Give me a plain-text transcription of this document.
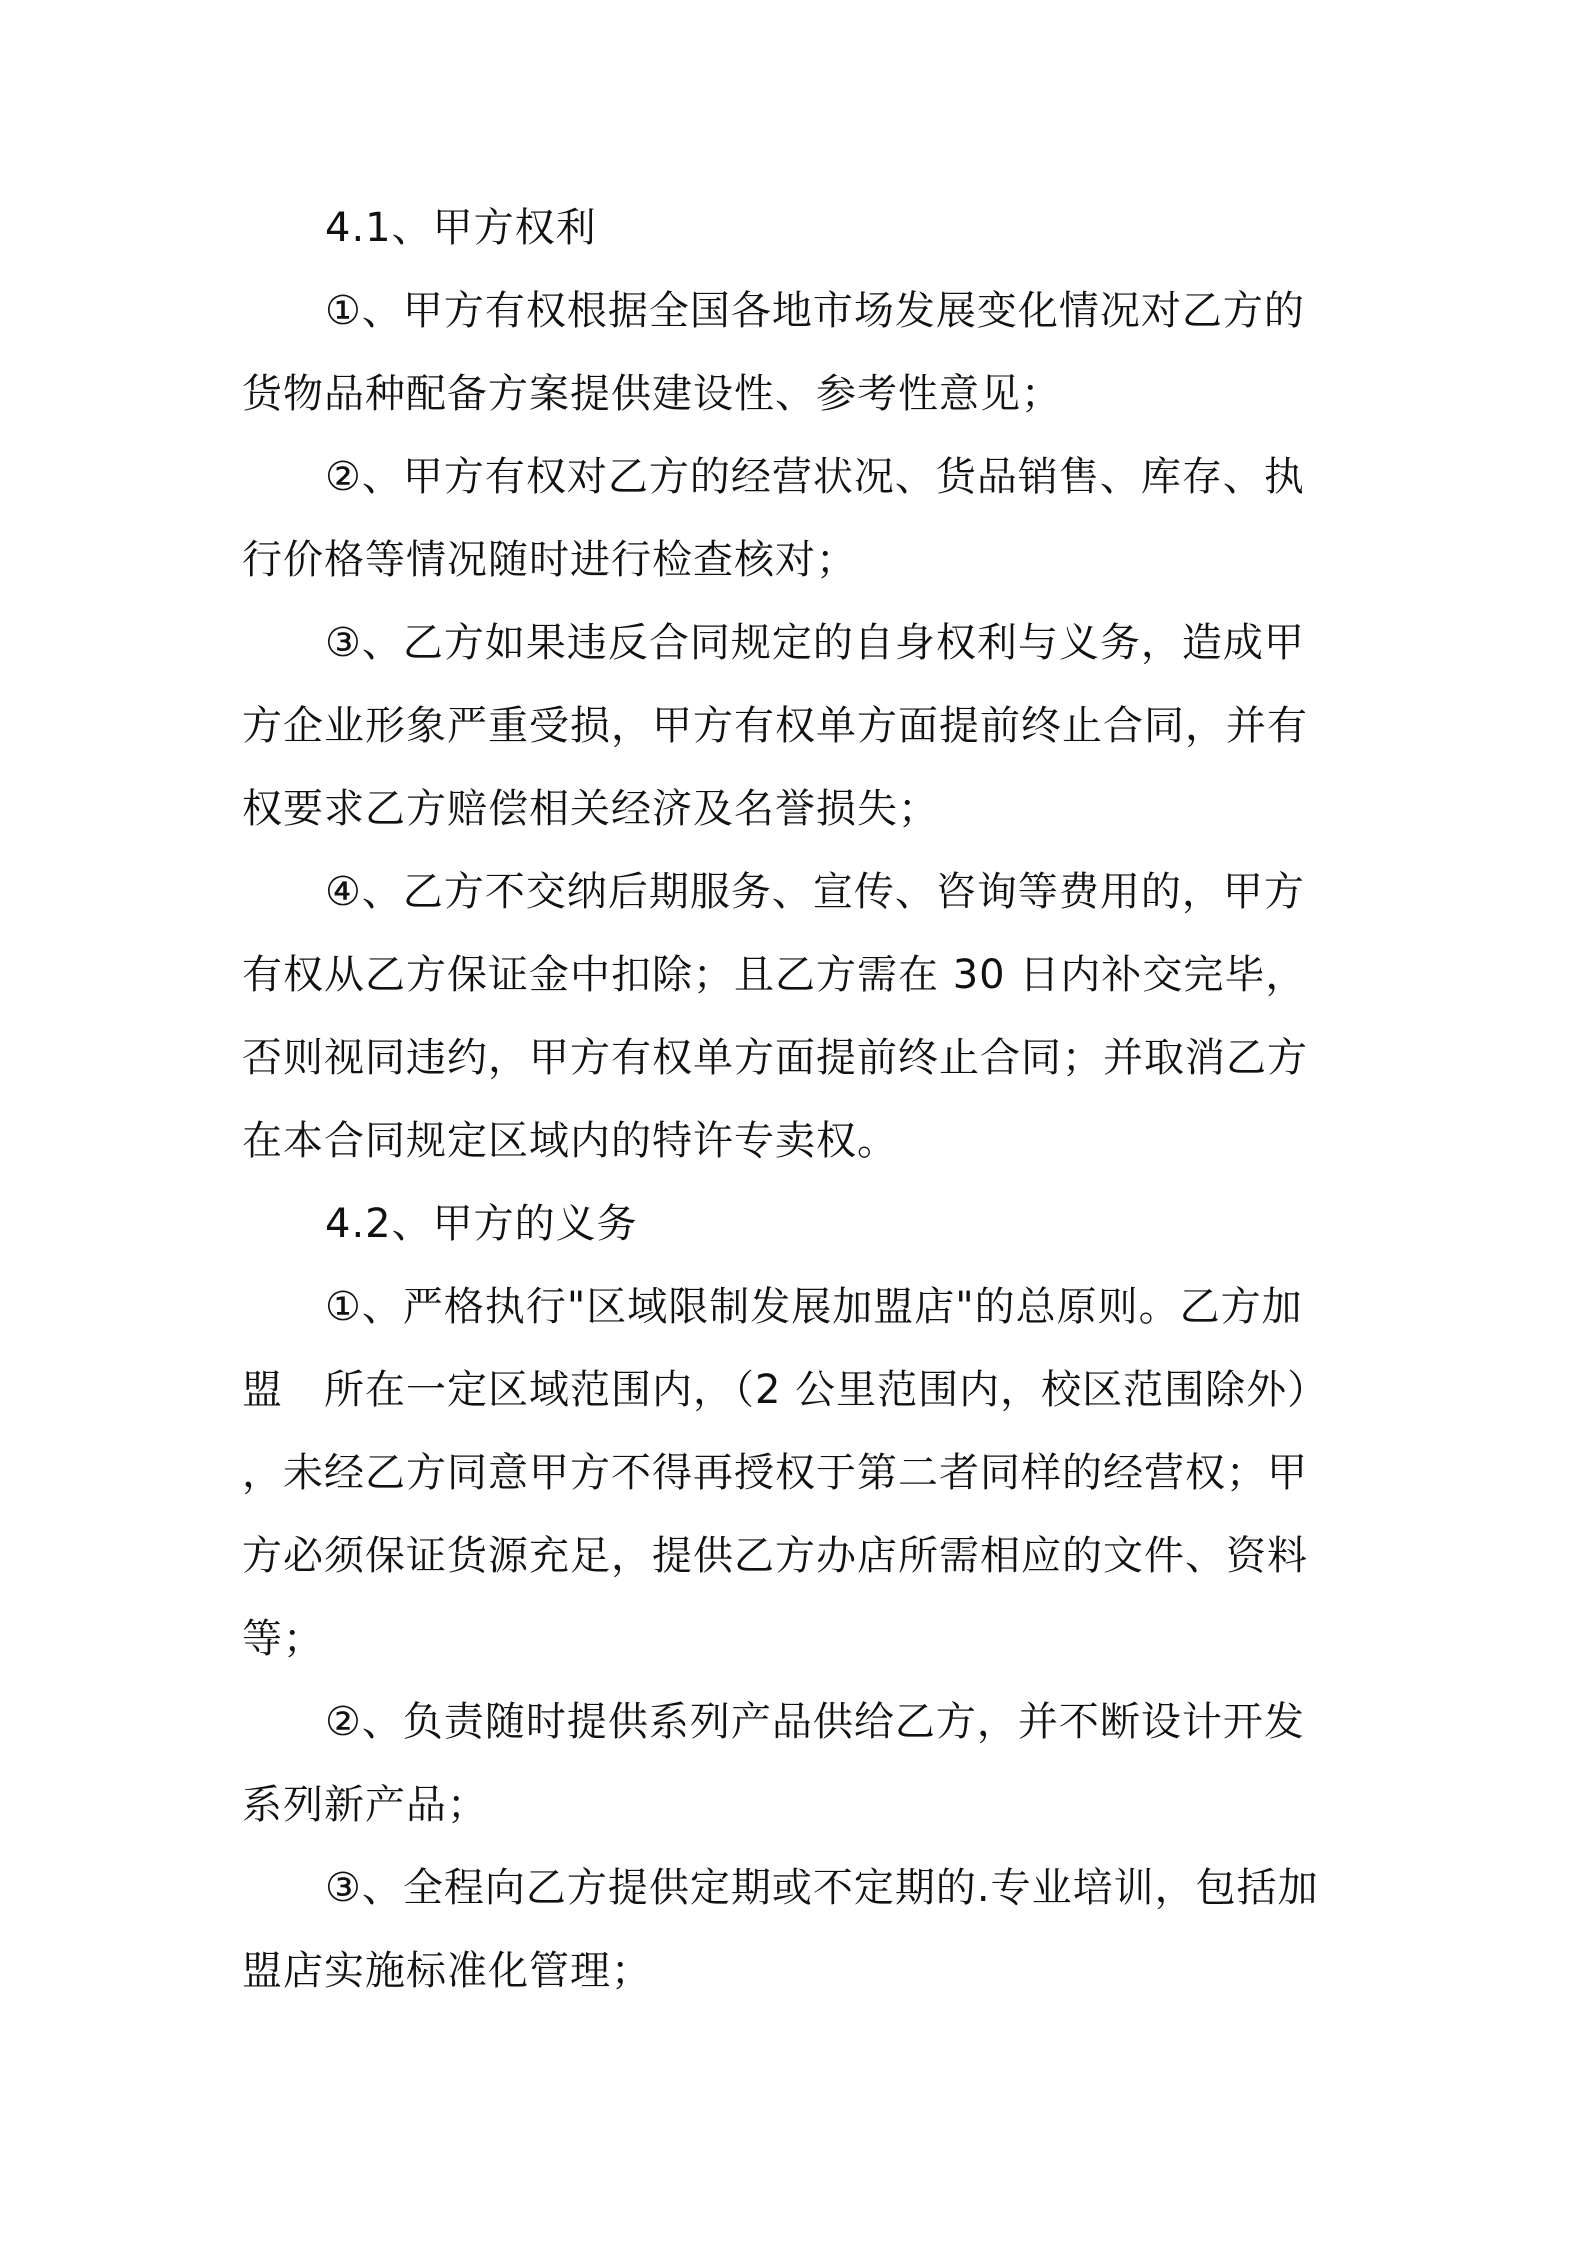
4.1、甲方权利
①、甲方有权根据全国各地市场发展变化情况对乙方的
货物品种配备方案提供建设性、参考性意见；
②、甲方有权对乙方的经营状况、货品销售、库存、执
行价格等情况随时进行检查核对；
③、乙方如果违反合同规定的自身权利与义务，造成甲
方企业形象严重受损，甲方有权单方面提前终止合同，并有
权要求乙方赔偿相关经济及名誉损失；
④、乙方不交纳后期服务、宣传、咨询等费用的，甲方
有权从乙方保证金中扣除；且乙方需在 30 日内补交完毕，
否则视同违约，甲方有权单方面提前终止合同；并取消乙方
在本合同规定区域内的特许专卖权。
4.2、甲方的义务
①、严格执行"区域限制发展加盟店"的总原则。乙方加
盟　所在一定区域范围内，（2 公里范围内，校区范围除外）
，未经乙方同意甲方不得再授权于第二者同样的经营权；甲
方必须保证货源充足，提供乙方办店所需相应的文件、资料
等；
②、负责随时提供系列产品供给乙方，并不断设计开发
系列新产品；
③、全程向乙方提供定期或不定期的.专业培训，包括加
盟店实施标准化管理；
